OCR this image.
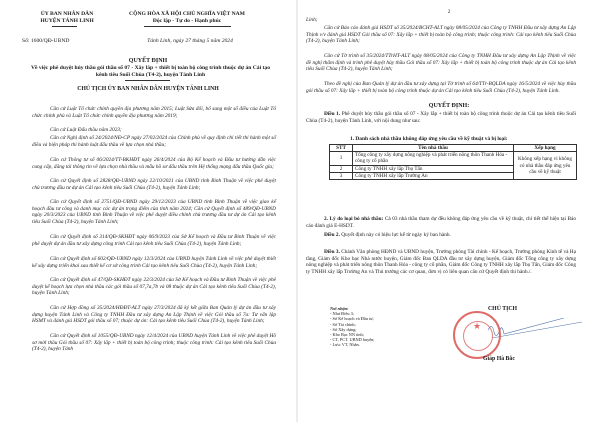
ỦY BAN NHÂN DÂN
HUYỆN TÁNH LINH
Số: 1600/QĐ-UBND
CỘNG HÒA XÃ HỘI CHỦ NGHĨA VIỆT NAM
Độc lập - Tự do - Hạnh phúc
Tánh Linh, ngày 27 tháng 5 năm 2024
QUYẾT ĐỊNH
Về việc phê duyệt hủy thầu gói thầu số 07 - Xây lắp + thiết bị toàn bộ công trình thuộc dự án Cải tạo kênh tiêu Suối Chùa (T4-2), huyện Tánh Linh
CHỦ TỊCH ỦY BAN NHÂN DÂN HUYỆN TÁNH LINH
Căn cứ Luật Tổ chức chính quyền địa phương năm 2015; Luật Sửa đổi, bổ sung một số điều của Luật Tổ chức chính phủ và Luật Tổ chức chính quyền địa phương năm 2019;
Căn cứ Luật Đấu thầu năm 2023;
Căn cứ Nghị định số 24/2024/NĐ-CP ngày 27/02/2024 của Chính phủ về quy định chi tiết thi hành một số điều và biện pháp thi hành luật đấu thầu về lựa chọn nhà thầu;
Căn cứ Thông tư số 06/2024/TT-BKHĐT ngày 26/4/2024 của Bộ Kế hoạch và Đầu tư hướng dẫn việc cung cấp, đăng tải thông tin về lựa chọn nhà thầu và mẫu hồ sơ đấu thầu trên Hệ thống mạng đấu thầu Quốc gia;
Căn cứ Quyết định số 2828/QĐ-UBND ngày 22/10/2021 của UBND tỉnh Bình Thuận về việc phê duyệt chủ trương đầu tư dự án Cải tạo kênh tiêu Suối Chùa (T4-2), huyện Tánh Linh;
Căn cứ Quyết định số 2751/QĐ-UBND ngày 29/12/2023 của UBND tỉnh Bình Thuận về việc giao kế hoạch đầu tư công và danh mục các dự án trọng điểm của tỉnh năm 2024; Căn cứ Quyết định số 489/QĐ-UBND ngày 20/3/2023 của UBND tỉnh Bình Thuận về việc phê duyệt điều chỉnh chủ trương đầu tư dự án Cải tạo kênh tiêu Suối Chùa (T4-2), huyện Tánh Linh;
Căn cứ Quyết định số 314/QĐ-SKHĐT ngày 06/9/2023 của Sở Kế hoạch và Đầu tư Bình Thuận về việc phê duyệt dự án đầu tư xây dựng công trình Cải tạo kênh tiêu Suối Chùa (T4-2), huyện Tánh Linh;
Căn cứ Quyết định số 602/QĐ-UBND ngày 12/3/2024 của UBND huyện Tánh Linh về việc phê duyệt thiết kế xây dựng triển khai sau thiết kế cơ sở công trình Cải tạo kênh tiêu Suối Chùa (T4-2), huyện Tánh Linh;
Căn cứ Quyết định số 47/QĐ-SKHĐT ngày 22/3/2024 của Sở Kế hoạch và Đầu tư Bình Thuận về việc phê duyệt kế hoạch lựa chọn nhà thầu các gói thầu số 07,7a,7b và 08 thuộc dự án Cải tạo kênh tiêu Suối Chùa (T4-2), huyện Tánh Linh;
Căn cứ Hợp đồng số 35/2024/HĐĐT-ALT ngày 27/3/2024 đã ký kết giữa Ban Quản lý dự án đầu tư xây dựng huyện Tánh Linh và Công ty TNHH Đầu tư xây dựng An Lập Thịnh về việc Gói thầu số 7a: Tư vấn lập HSMT và đánh giá HSDT gói thầu số 07; thuộc dự án: Cải tạo kênh tiêu Suối Chùa (T4-2), huyện Tánh Linh;
Căn cứ Quyết định số 1055/QĐ-UBND ngày 12/4/2024 của UBND huyện Tánh Linh về việc phê duyệt Hồ sơ mời thầu Gói thầu số 07: Xây lắp + thiết bị toàn bộ công trình; thuộc công trình: Cải tạo kênh tiêu Suối Chùa (T4-2), huyện Tánh
2
Linh;
Căn cứ Báo cáo đánh giá HSDT số 35/2024/BCHT-ALT ngày 08/05/2024 của Công ty TNHH Đầu tư xây dựng An Lập Thịnh v/v đánh giá HSDT Gói thầu số 07: Xây lắp + thiết bị toàn bộ công trình; thuộc công trình: Cải tạo kênh tiêu Suối Chùa (T4-2), huyện Tánh Linh;
Căn cứ Tờ trình số 35/2024/TTrHT-ALT ngày 08/05/2024 của Công ty TNHH Đầu tư xây dựng An Lập Thịnh về việc đề nghị thẩm định và trình phê duyệt hủy thầu Gói thầu số 07: Xây lắp + thiết bị toàn bộ công trình thuộc dự án Cải tạo kênh tiêu Suối Chùa (T4-2), huyện Tánh Linh;
Theo đề nghị của Ban Quản lý dự án đầu tư xây dựng tại Tờ trình số 64/TTr-BQLDA ngày 16/5/2024 về việc hủy thầu gói thầu số 07: Xây lắp + thiết bị toàn bộ công trình thuộc dự án Cải tạo kênh tiêu Suối Chùa (T4-2), huyện Tánh Linh.
QUYẾT ĐỊNH:
Điều 1. Phê duyệt hủy thầu gói thầu số 07 - Xây lắp + thiết bị toàn bộ công trình thuộc dự án Cải tạo kênh tiêu Suối Chùa (T4-2), huyện Tánh Linh, với nội dung như sau:
1. Danh sách nhà thầu không đáp ứng yêu cầu về kỹ thuật và bị loại:
STT	Tên nhà thầu	Xếp hạng
1	Tổng công ty xây dựng nông nghiệp và phát triển nông thôn Thanh Hóa - công ty cổ phần	Không xếp hạng vì không có nhà thầu đáp ứng yêu cầu về kỹ thuật
2	Công ty TNHH xây lắp Thọ Tấn	
3	Công ty TNHH xây lắp Trường An	
2. Lý do loại bỏ nhà thầu: Cả 03 nhà thầu tham dự đều không đáp ứng yêu cầu về kỹ thuật, chi tiết thể hiện tại Báo cáo đánh giá E-HSDT.
Điều 2. Quyết định này có hiệu lực kể từ ngày ký ban hành.
Điều 3. Chánh Văn phòng HĐND và UBND huyện, Trưởng phòng Tài chính - Kế hoạch, Trưởng phòng Kinh tế và Hạ tầng, Giám đốc Kho bạc Nhà nước huyện, Giám đốc Ban QLDA đầu tư xây dựng huyện, Giám đốc Tổng công ty xây dựng nông nghiệp và phát triển nông thôn Thanh Hóa - công ty cổ phần, Giám đốc Công ty TNHH xây lắp Thọ Tấn, Giám đốc Công ty TNHH xây lắp Trường An và Thủ trưởng các cơ quan, đơn vị có liên quan căn cứ Quyết định thi hành./.
Nơi nhận:
- Như Điều 3;
- Sở Kế hoạch và Đầu tư;
- Sở Tài chính;
- Sở Xây dựng;
- Kho Bạc NN tỉnh;
- CT, PCT. UBND huyện;
- Lưu: VT, Nhân.
CHỦ TỊCH
★
Giáp Hà Bắc
